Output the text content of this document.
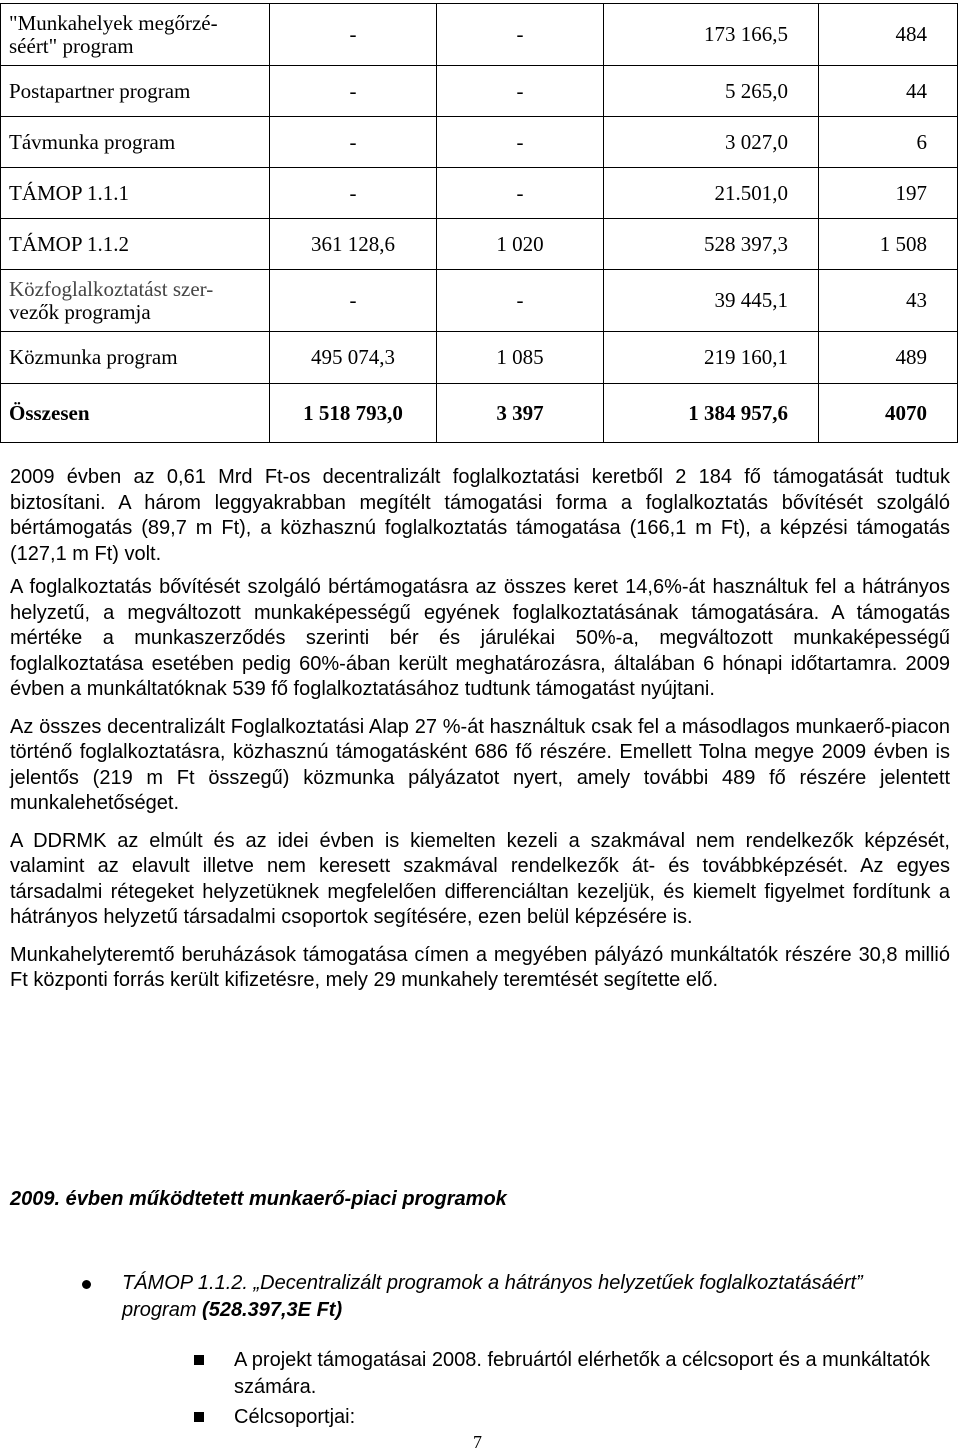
"Munkahelyek megőrzé-
séért" program	-	-	173 166,5	484
Postapartner program	-	-	5 265,0	44
Távmunka program	-	-	3 027,0	6
TÁMOP 1.1.1	-	-	21.501,0	197
TÁMOP 1.1.2	361 128,6	1 020	528 397,3	1 508
Közfoglalkoztatást szer-
vezők programja	-	-	39 445,1	43
Közmunka program	495 074,3	1 085	219 160,1	489
Összesen	1 518 793,0	3 397	1 384 957,6	4070

2009 évben az 0,61 Mrd Ft-os decentralizált foglalkoztatási keretből 2 184 fő támogatását tudtuk biztosítani. A három leggyakrabban megítélt támogatási forma a foglalkoztatás bővítését szolgáló bértámogatás (89,7 m Ft), a közhasznú foglalkoztatás támogatása (166,1 m Ft), a képzési támogatás (127,1 m Ft) volt.

A foglalkoztatás bővítését szolgáló bértámogatásra az összes keret 14,6%-át használtuk fel a hátrányos helyzetű, a megváltozott munkaképességű egyének foglalkoztatásának támogatására. A támogatás mértéke a munkaszerződés szerinti bér és járulékai 50%-a, megváltozott munkaképességű foglalkoztatása esetében pedig 60%-ában került meghatározásra, általában 6 hónapi időtartamra. 2009 évben a munkáltatóknak 539 fő foglalkoztatásához tudtunk támogatást nyújtani.

Az összes decentralizált Foglalkoztatási Alap 27 %-át használtuk csak fel a másodlagos munkaerő-piacon történő foglalkoztatásra, közhasznú támogatásként 686 fő részére. Emellett Tolna megye 2009 évben is jelentős (219 m Ft összegű) közmunka pályázatot nyert, amely további 489 fő részére jelentett munkalehetőséget.

A DDRMK az elmúlt és az idei évben is kiemelten kezeli a szakmával nem rendelkezők képzését, valamint az elavult illetve nem keresett szakmával rendelkezők át- és továbbképzését. Az egyes társadalmi rétegeket helyzetüknek megfelelően differenciáltan kezeljük, és kiemelt figyelmet fordítunk a hátrányos helyzetű társadalmi csoportok segítésére, ezen belül képzésére is.

Munkahelyteremtő beruházások támogatása címen a megyében pályázó munkáltatók részére 30,8 millió Ft központi forrás került kifizetésre, mely 29 munkahely teremtését segítette elő.

2009. évben működtetett munkaerő-piaci programok
TÁMOP 1.1.2. „Decentralizált programok a hátrányos helyzetűek foglalkoztatásáért” program (528.397,3E Ft)
A projekt támogatásai 2008. februártól elérhetők a célcsoport és a munkáltatók számára.
Célcsoportjai:
7
